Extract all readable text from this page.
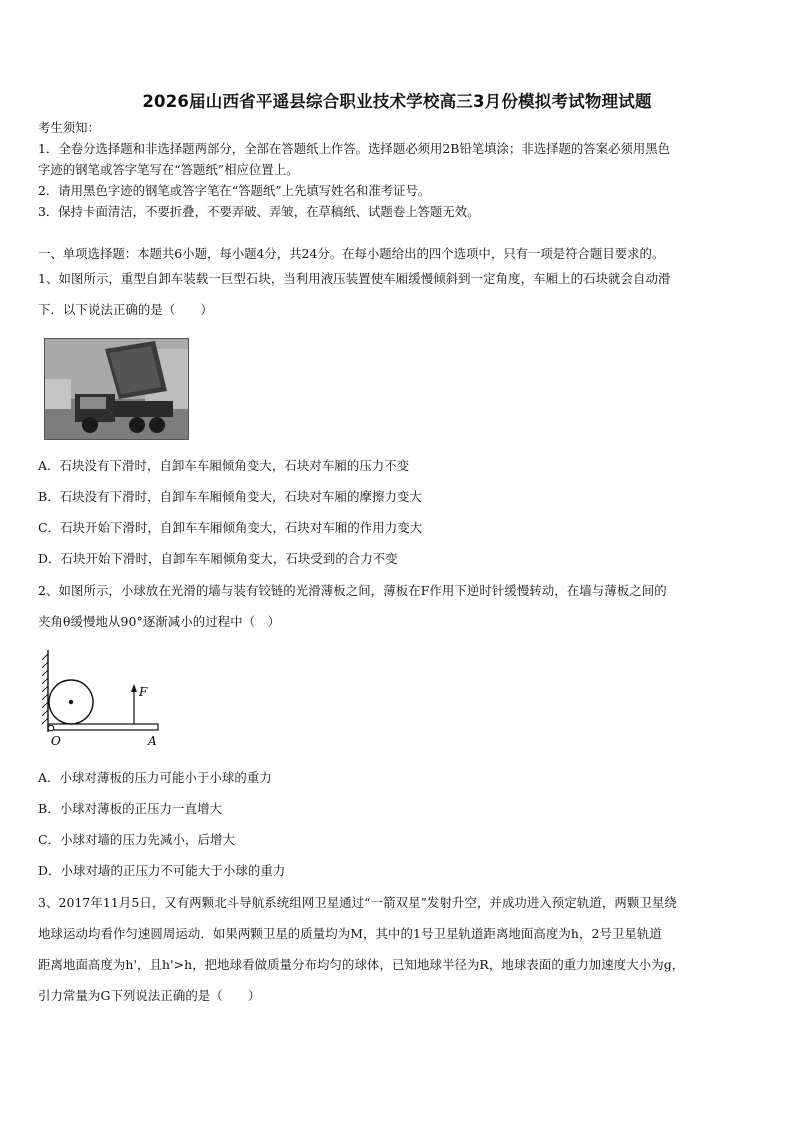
2026届山西省平遥县综合职业技术学校高三3月份模拟考试物理试题
考生须知：
1．全卷分选择题和非选择题两部分，全部在答题纸上作答。选择题必须用2B铅笔填涂；非选择题的答案必须用黑色
字迹的钢笔或答字笔写在“答题纸”相应位置上。
2．请用黑色字迹的钢笔或答字笔在“答题纸”上先填写姓名和准考证号。
3．保持卡面清洁，不要折叠，不要弄破、弄皱，在草稿纸、试题卷上答题无效。
一、单项选择题：本题共6小题，每小题4分，共24分。在每小题给出的四个选项中，只有一项是符合题目要求的。
1、如图所示，重型自卸车装载一巨型石块，当利用液压装置使车厢缓慢倾斜到一定角度，车厢上的石块就会自动滑
下．以下说法正确的是（　　）
A．石块没有下滑时，自卸车车厢倾角变大，石块对车厢的压力不变
B．石块没有下滑时，自卸车车厢倾角变大，石块对车厢的摩擦力变大
C．石块开始下滑时，自卸车车厢倾角变大，石块对车厢的作用力变大
D．石块开始下滑时，自卸车车厢倾角变大，石块受到的合力不变
2、如图所示，小球放在光滑的墙与装有铰链的光滑薄板之间，薄板在F作用下逆时针缓慢转动，在墙与薄板之间的
夹角θ缓慢地从90°逐渐减小的过程中（　）
F
O	A
A．小球对薄板的压力可能小于小球的重力
B．小球对薄板的正压力一直增大
C．小球对墙的压力先减小，后增大
D．小球对墙的正压力不可能大于小球的重力
3、2017年11月5日，又有两颗北斗导航系统组网卫星通过“一箭双星”发射升空，并成功进入预定轨道，两颗卫星绕
地球运动均看作匀速圆周运动．如果两颗卫星的质量均为M，其中的1号卫星轨道距离地面高度为h，2号卫星轨道
距离地面高度为h'，且h'>h，把地球看做质量分布均匀的球体，已知地球半径为R，地球表面的重力加速度大小为g，
引力常量为G下列说法正确的是（　　）
